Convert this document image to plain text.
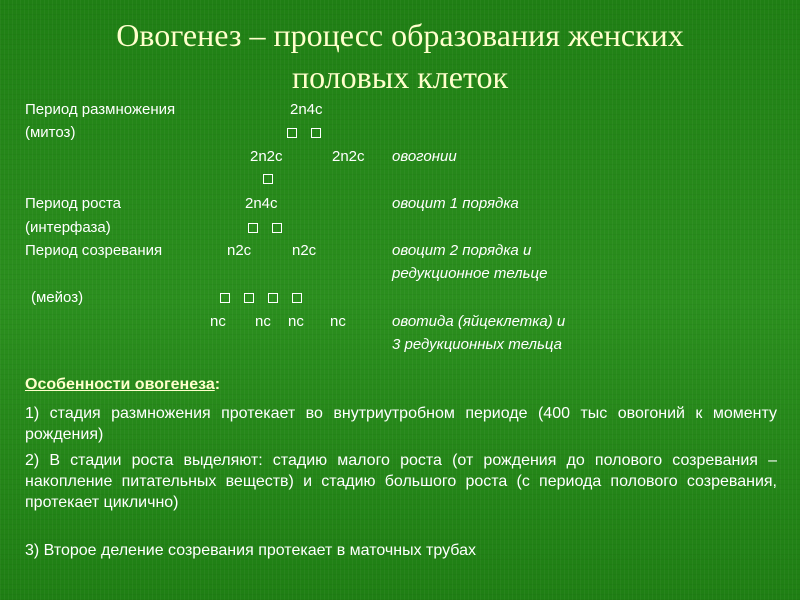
Овогенез – процесс образования женских половых клеток
Период размножения	2n4c
(митоз)
2n2c	2n2c овогонии
Период роста	2n4c	овоцит 1 порядка
(интерфаза)
Период созревания	n2c	n2c	овоцит 2 порядка и
редукционное тельце
(мейоз)
nc nc nc nc	овотида (яйцеклетка) и
3 редукционных тельца
Особенности овогенеза:
1) стадия размножения протекает во внутриутробном периоде (400 тыс овогоний к моменту рождения)
2) В стадии роста выделяют: стадию малого роста (от рождения до полового созревания – накопление питательных веществ) и стадию большого роста (с периода полового созревания, протекает циклично)
3) Второе деление созревания протекает в маточных трубах
